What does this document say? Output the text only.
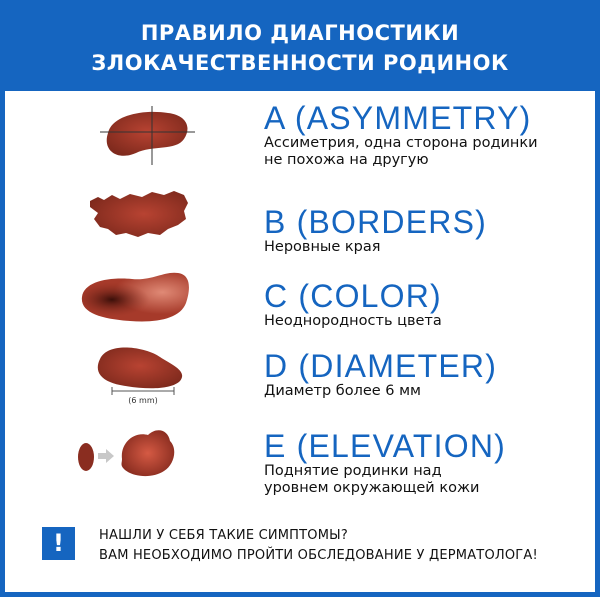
ПРАВИЛО ДИАГНОСТИКИ
ЗЛОКАЧЕСТВЕННОСТИ РОДИНОК
A (ASYMMETRY)
Ассиметрия, одна сторона родинки
не похожа на другую
B (BORDERS)
Неровные края
C (COLOR)
Неоднородность цвета
(6 mm)
D (DIAMETER)
Диаметр более 6 мм
E (ELEVATION)
Поднятие родинки над
уровнем окружающей кожи
!	НАШЛИ У СЕБЯ ТАКИЕ СИМПТОМЫ?
ВАМ НЕОБХОДИМО ПРОЙТИ ОБСЛЕДОВАНИЕ У ДЕРМАТОЛОГА!
